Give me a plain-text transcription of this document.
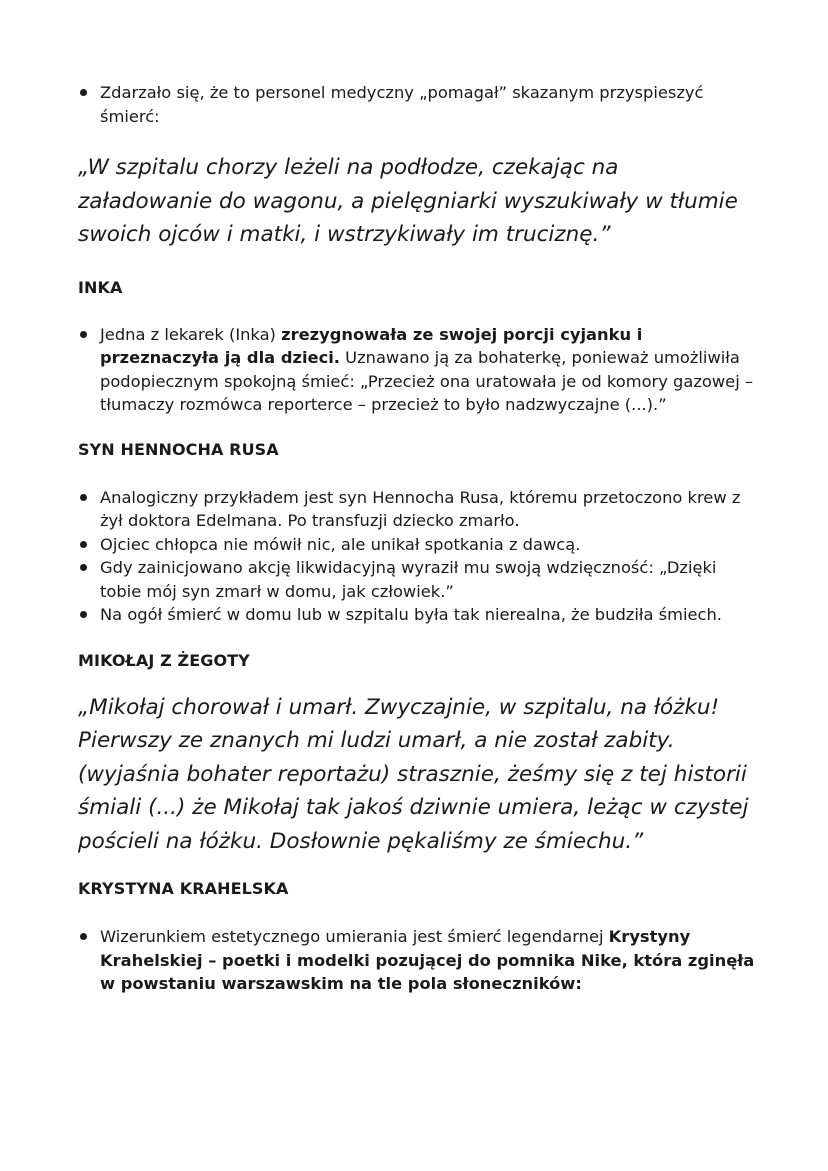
Zdarzało się, że to personel medyczny „pomagał” skazanym przyspieszyć śmierć:

„W szpitalu chorzy leżeli na podłodze, czekając na załadowanie do wagonu, a pielęgniarki wyszukiwały w tłumie swoich ojców i matki, i wstrzykiwały im truciznę.”

INKA

Jedna z lekarek (Inka) zrezygnowała ze swojej porcji cyjanku i przeznaczyła ją dla dzieci. Uznawano ją za bohaterkę, ponieważ umożliwiła podopiecznym spokojną śmieć: „Przecież ona uratowała je od komory gazowej – tłumaczy rozmówca reporterce – przecież to było nadzwyczajne (...).”

SYN HENNOCHA RUSA

Analogiczny przykładem jest syn Hennocha Rusa, któremu przetoczono krew z żył doktora Edelmana. Po transfuzji dziecko zmarło.
Ojciec chłopca nie mówił nic, ale unikał spotkania z dawcą.
Gdy zainicjowano akcję likwidacyjną wyraził mu swoją wdzięczność: „Dzięki tobie mój syn zmarł w domu, jak człowiek.”
Na ogół śmierć w domu lub w szpitalu była tak nierealna, że budziła śmiech.

MIKOŁAJ Z ŻEGOTY

„Mikołaj chorował i umarł. Zwyczajnie, w szpitalu, na łóżku! Pierwszy ze znanych mi ludzi umarł, a nie został zabity. (wyjaśnia bohater reportażu) strasznie, żeśmy się z tej historii śmiali (...) że Mikołaj tak jakoś dziwnie umiera, leżąc w czystej pościeli na łóżku. Dosłownie pękaliśmy ze śmiechu.”

KRYSTYNA KRAHELSKA

Wizerunkiem estetycznego umierania jest śmierć legendarnej Krystyny Krahelskiej – poetki i modelki pozującej do pomnika Nike, która zginęła w powstaniu warszawskim na tle pola słoneczników:
